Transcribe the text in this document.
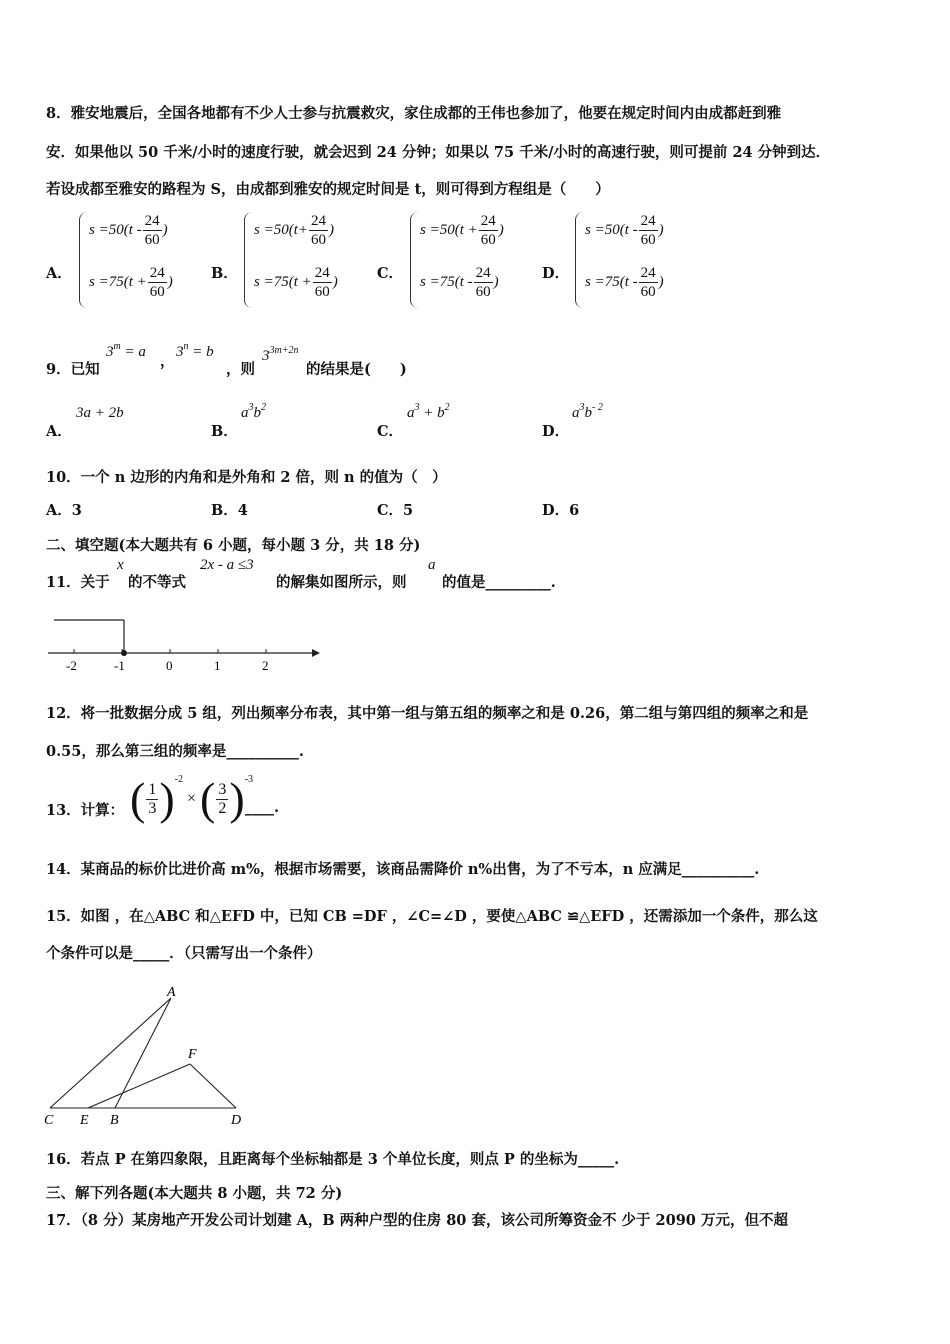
8．雅安地震后，全国各地都有不少人士参与抗震救灾，家住成都的王伟也参加了，他要在规定时间内由成都赶到雅
安．如果他以 50 千米/小时的速度行驶，就会迟到 24 分钟；如果以 75 千米/小时的高速行驶，则可提前 24 分钟到达．
若设成都至雅安的路程为 S，由成都到雅安的规定时间是 t，则可得到方程组是（　　）
A．
$s =50(t - \frac{24}{60}$ )
$s =75(t + \frac{24}{60}$ )	B．
$s =50(t+ \frac{24}{60}$ )
$s =75(t + \frac{24}{60}$ )	C．
$s =50(t + \frac{24}{60}$ )
$s =75(t - \frac{24}{60}$ )	D．
$s =50(t - \frac{24}{60}$ )
$s =75(t - \frac{24}{60}$ )
9．已知
$3^m = a$
，
$3^n = b$
，则
$3^{3m+2n}$
的结果是(　　)
A．
3a + 2b
B．
$a^3b^2$
C．
$a^3 + b^2$
D．
$a^3b^{- 2}$
10．一个 n 边形的内角和是外角和 2 倍，则 n 的值为（　）
A．3	B．4	C．5	D．6
二、填空题(本大题共有 6 小题，每小题 3 分，共 18 分)
11．关于
x
的不等式
2x - a ≤3
的解集如图所示，则
a
的值是_________.
-2	-1	0	1	2
12．将一批数据分成 5 组，列出频率分布表，其中第一组与第五组的频率之和是 0.26，第二组与第四组的频率之和是
0.55，那么第三组的频率是__________.
13．计算： ( $\frac{1}{3}$ ) -2
× ( $\frac{3}{2}$ ) -3
____.
14．某商品的标价比进价高 m%，根据市场需要，该商品需降价 n%出售，为了不亏本，n 应满足__________.
15．如图 ，在△ABC 和△EFD 中，已知 CB =DF ，∠C=∠D ，要使△ABC ≌△EFD ，还需添加一个条件，那么这
个条件可以是_____．（只需写出一个条件）
A
F
C E B	D
16．若点 P 在第四象限，且距离每个坐标轴都是 3 个单位长度，则点 P 的坐标为_____.
三、解下列各题(本大题共 8 小题，共 72 分)
17．（8 分）某房地产开发公司计划建 A，B 两种户型的住房 80 套，该公司所筹资金不 少于 2090 万元，但不超
